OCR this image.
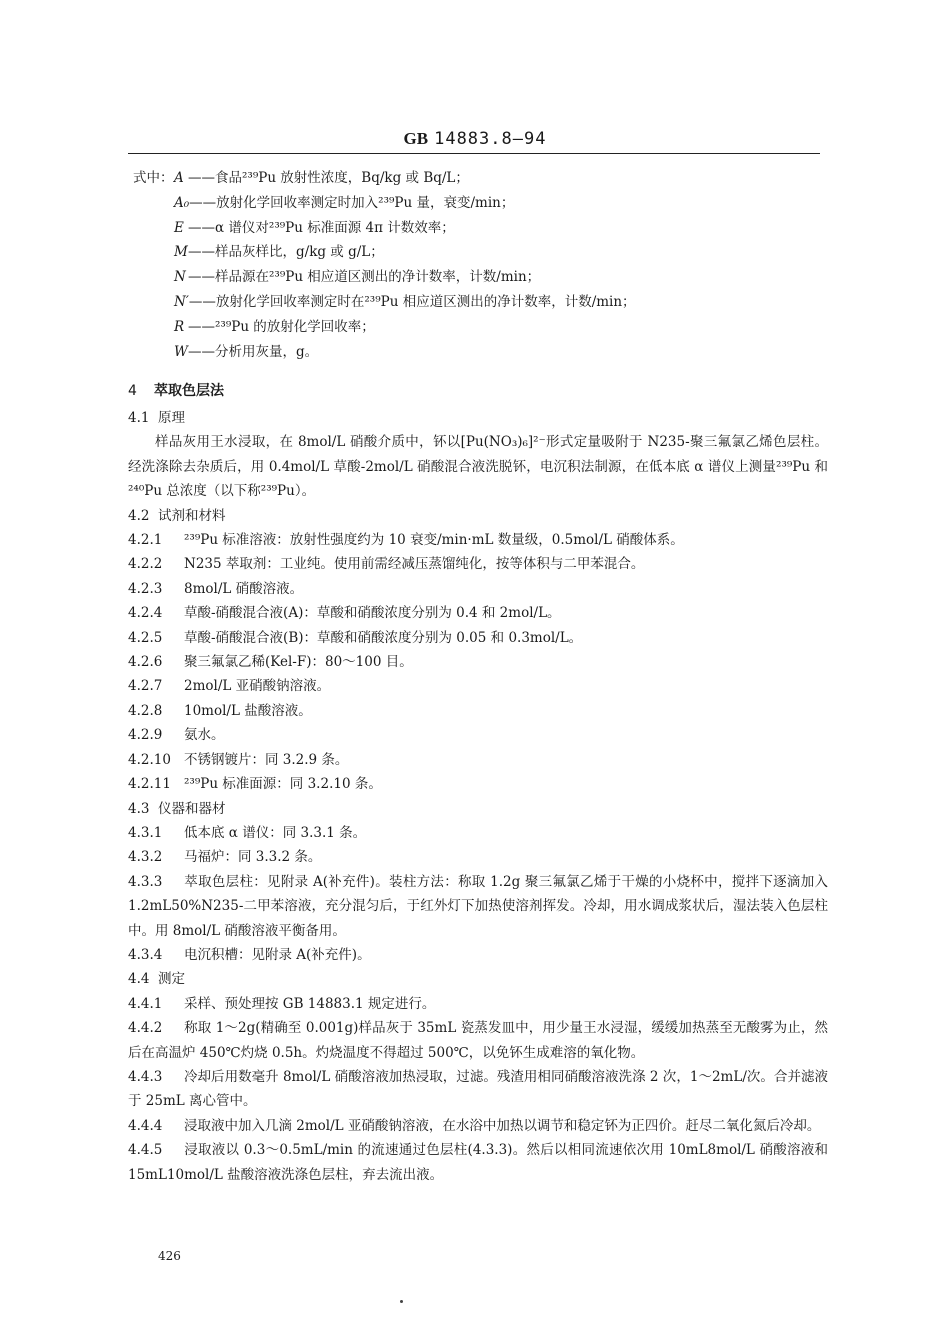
GB 14883.8—94
式中：A ——食品²³⁹Pu 放射性浓度，Bq/kg 或 Bq/L；
A₀——放射化学回收率测定时加入²³⁹Pu 量，衰变/min；
E ——α 谱仪对²³⁹Pu 标准面源 4π 计数效率；
M——样品灰样比，g/kg 或 g/L；
N ——样品源在²³⁹Pu 相应道区测出的净计数率，计数/min；
N′——放射化学回收率测定时在²³⁹Pu 相应道区测出的净计数率，计数/min；
R ——²³⁹Pu 的放射化学回收率；
W——分析用灰量，g。
4 萃取色层法
4.1 原理
样品灰用王水浸取，在 8mol/L 硝酸介质中，钚以[Pu(NO₃)₆]²⁻形式定量吸附于 N235-聚三氟氯乙烯色层柱。经洗涤除去杂质后，用 0.4mol/L 草酸-2mol/L 硝酸混合液洗脱钚，电沉积法制源，在低本底 α 谱仪上测量²³⁹Pu 和²⁴⁰Pu 总浓度（以下称²³⁹Pu）。
4.2 试剂和材料
4.2.1 ²³⁹Pu 标准溶液：放射性强度约为 10 衰变/min·mL 数量级，0.5mol/L 硝酸体系。
4.2.2 N235 萃取剂：工业纯。使用前需经减压蒸馏纯化，按等体积与二甲苯混合。
4.2.3 8mol/L 硝酸溶液。
4.2.4 草酸-硝酸混合液(A)：草酸和硝酸浓度分别为 0.4 和 2mol/L。
4.2.5 草酸-硝酸混合液(B)：草酸和硝酸浓度分别为 0.05 和 0.3mol/L。
4.2.6 聚三氟氯乙稀(Kel-F)：80～100 目。
4.2.7 2mol/L 亚硝酸钠溶液。
4.2.8 10mol/L 盐酸溶液。
4.2.9 氨水。
4.2.10 不锈钢镀片：同 3.2.9 条。
4.2.11 ²³⁹Pu 标准面源：同 3.2.10 条。
4.3 仪器和器材
4.3.1 低本底 α 谱仪：同 3.3.1 条。
4.3.2 马福炉：同 3.3.2 条。
4.3.3 萃取色层柱：见附录 A(补充件)。装柱方法：称取 1.2g 聚三氟氯乙烯于干燥的小烧杯中，搅拌下逐滴加入 1.2mL50%N235-二甲苯溶液，充分混匀后，于红外灯下加热使溶剂挥发。冷却，用水调成浆状后，湿法装入色层柱中。用 8mol/L 硝酸溶液平衡备用。
4.3.4 电沉积槽：见附录 A(补充件)。
4.4 测定
4.4.1 采样、预处理按 GB 14883.1 规定进行。
4.4.2 称取 1～2g(精确至 0.001g)样品灰于 35mL 瓷蒸发皿中，用少量王水浸湿，缓缓加热蒸至无酸雾为止，然后在高温炉 450℃灼烧 0.5h。灼烧温度不得超过 500℃，以免钚生成难溶的氧化物。
4.4.3 冷却后用数毫升 8mol/L 硝酸溶液加热浸取，过滤。残渣用相同硝酸溶液洗涤 2 次，1～2mL/次。合并滤液于 25mL 离心管中。
4.4.4 浸取液中加入几滴 2mol/L 亚硝酸钠溶液，在水浴中加热以调节和稳定钚为正四价。赶尽二氧化氮后冷却。
4.4.5 浸取液以 0.3～0.5mL/min 的流速通过色层柱(4.3.3)。然后以相同流速依次用 10mL8mol/L 硝酸溶液和 15mL10mol/L 盐酸溶液洗涤色层柱，弃去流出液。
426
